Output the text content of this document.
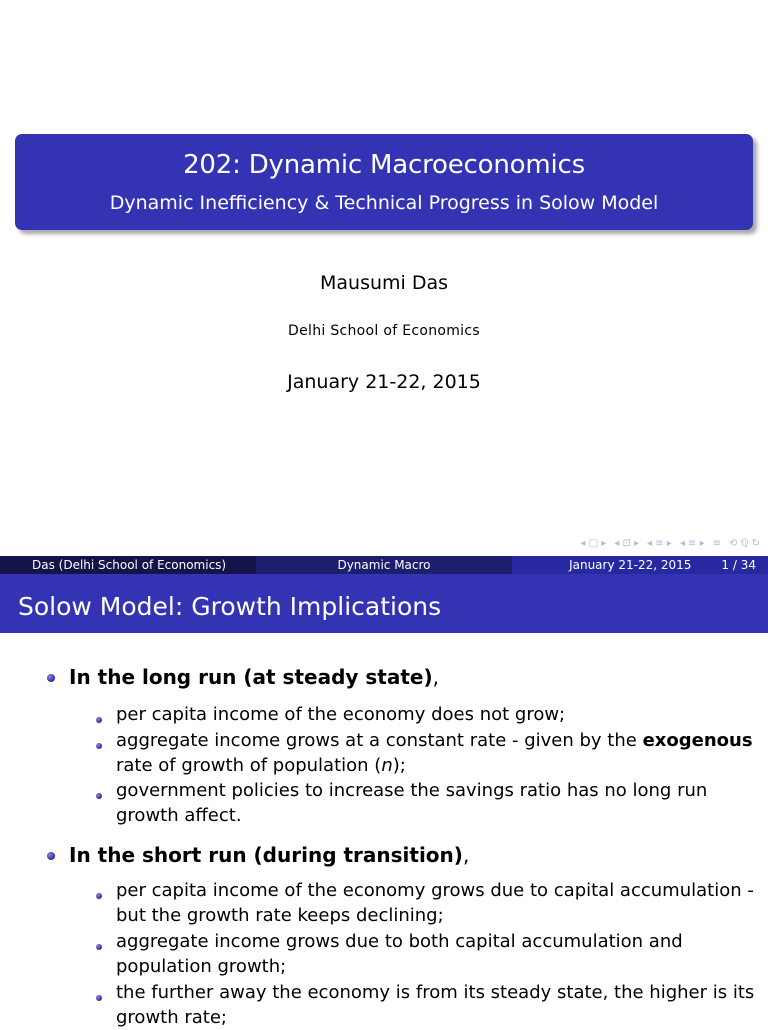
202: Dynamic Macroeconomics
Dynamic Inefficiency & Technical Progress in Solow Model
Mausumi Das
Delhi School of Economics
January 21-22, 2015
◂ □ ▸ ◂ ⊡ ▸ ◂ ≡ ▸ ◂ ≡ ▸ ≡ ⟲ ℚ ↻
Das (Delhi School of Economics)	Dynamic Macro	January 21-22, 2015	1 / 34
Solow Model: Growth Implications
In the long run (at steady state),
per capita income of the economy does not grow;
aggregate income grows at a constant rate - given by the exogenous
rate of growth of population (n);
government policies to increase the savings ratio has no long run
growth affect.
In the short run (during transition),
per capita income of the economy grows due to capital accumulation -
but the growth rate keeps declining;
aggregate income grows due to both capital accumulation and
population growth;
the further away the economy is from its steady state, the higher is its
growth rate;
